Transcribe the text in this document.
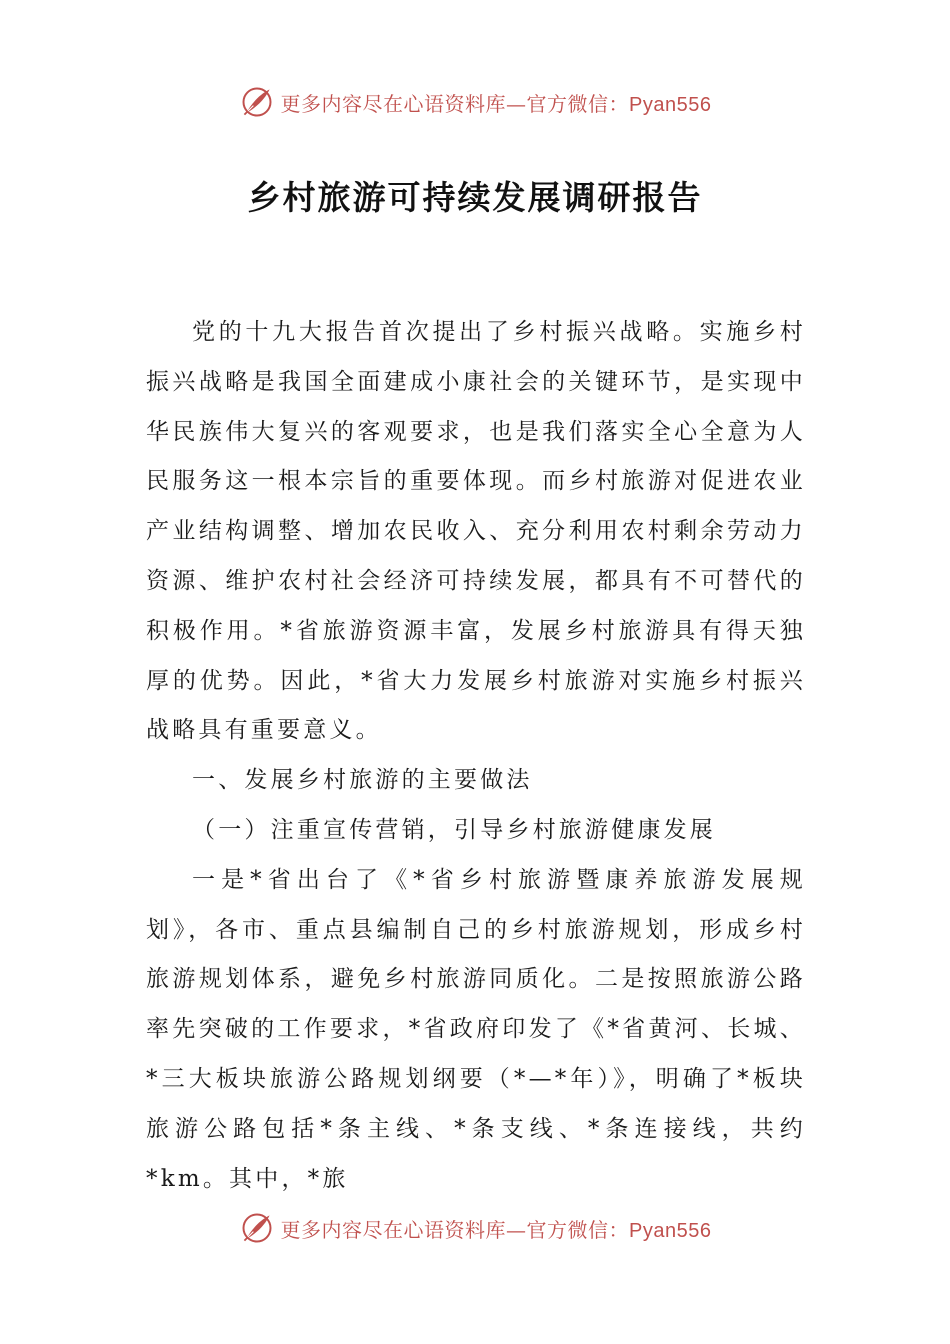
更多内容尽在心语资料库—官方微信：Pyan556
乡村旅游可持续发展调研报告

党的十九大报告首次提出了乡村振兴战略。实施乡村振兴战略是我国全面建成小康社会的关键环节，是实现中华民族伟大复兴的客观要求，也是我们落实全心全意为人民服务这一根本宗旨的重要体现。而乡村旅游对促进农业产业结构调整、增加农民收入、充分利用农村剩余劳动力资源、维护农村社会经济可持续发展，都具有不可替代的积极作用。*省旅游资源丰富，发展乡村旅游具有得天独厚的优势。因此，*省大力发展乡村旅游对实施乡村振兴战略具有重要意义。

一、发展乡村旅游的主要做法

（一）注重宣传营销，引导乡村旅游健康发展

一是*省出台了《*省乡村旅游暨康养旅游发展规划》，各市、重点县编制自己的乡村旅游规划，形成乡村旅游规划体系，避免乡村旅游同质化。二是按照旅游公路率先突破的工作要求，*省政府印发了《*省黄河、长城、*三大板块旅游公路规划纲要（*—*年）》，明确了*板块旅游公路包括*条主线、*条支线、*条连接线，共约*km。其中，*旅

更多内容尽在心语资料库—官方微信：Pyan556
